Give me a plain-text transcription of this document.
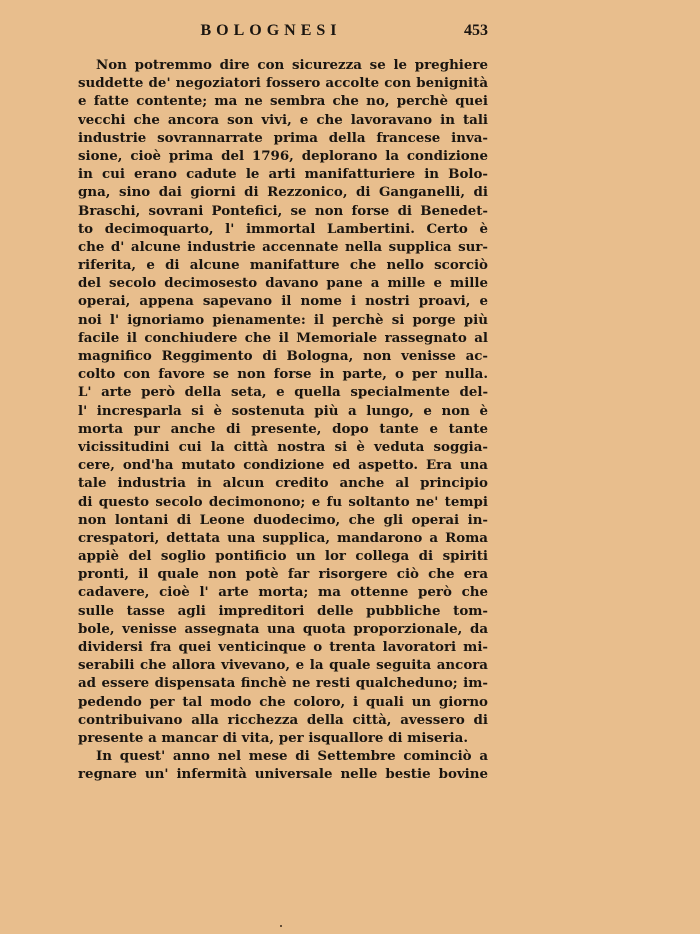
BOLOGNESI	453
Non potremmo dire con sicurezza se le preghiere
suddette de' negoziatori fossero accolte con benignità
e fatte contente; ma ne sembra che no, perchè quei
vecchi che ancora son vivi, e che lavoravano in tali
industrie sovrannarrate prima della francese inva-
sione, cioè prima del 1796, deplorano la condizione
in cui erano cadute le arti manifatturiere in Bolo-
gna, sino dai giorni di Rezzonico, di Ganganelli, di
Braschi, sovrani Pontefici, se non forse di Benedet-
to decimoquarto, l' immortal Lambertini. Certo è
che d' alcune industrie accennate nella supplica sur-
riferita, e di alcune manifatture che nello scorciò
del secolo decimosesto davano pane a mille e mille
operai, appena sapevano il nome i nostri proavi, e
noi l' ignoriamo pienamente: il perchè si porge più
facile il conchiudere che il Memoriale rassegnato al
magnifico Reggimento di Bologna, non venisse ac-
colto con favore se non forse in parte, o per nulla.
L' arte però della seta, e quella specialmente del-
l' incresparla si è sostenuta più a lungo, e non è
morta pur anche di presente, dopo tante e tante
vicissitudini cui la città nostra si è veduta soggia-
cere, ond'ha mutato condizione ed aspetto. Era una
tale industria in alcun credito anche al principio
di questo secolo decimonono; e fu soltanto ne' tempi
non lontani di Leone duodecimo, che gli operai in-
crespatori, dettata una supplica, mandarono a Roma
appiè del soglio pontificio un lor collega di spiriti
pronti, il quale non potè far risorgere ciò che era
cadavere, cioè l' arte morta; ma ottenne però che
sulle tasse agli impreditori delle pubbliche tom-
bole, venisse assegnata una quota proporzionale, da
dividersi fra quei venticinque o trenta lavoratori mi-
serabili che allora vivevano, e la quale seguita ancora
ad essere dispensata finchè ne resti qualcheduno; im-
pedendo per tal modo che coloro, i quali un giorno
contribuivano alla ricchezza della città, avessero di
presente a mancar di vita, per isquallore di miseria.
In quest' anno nel mese di Settembre cominciò a
regnare un' infermità universale nelle bestie bovine
